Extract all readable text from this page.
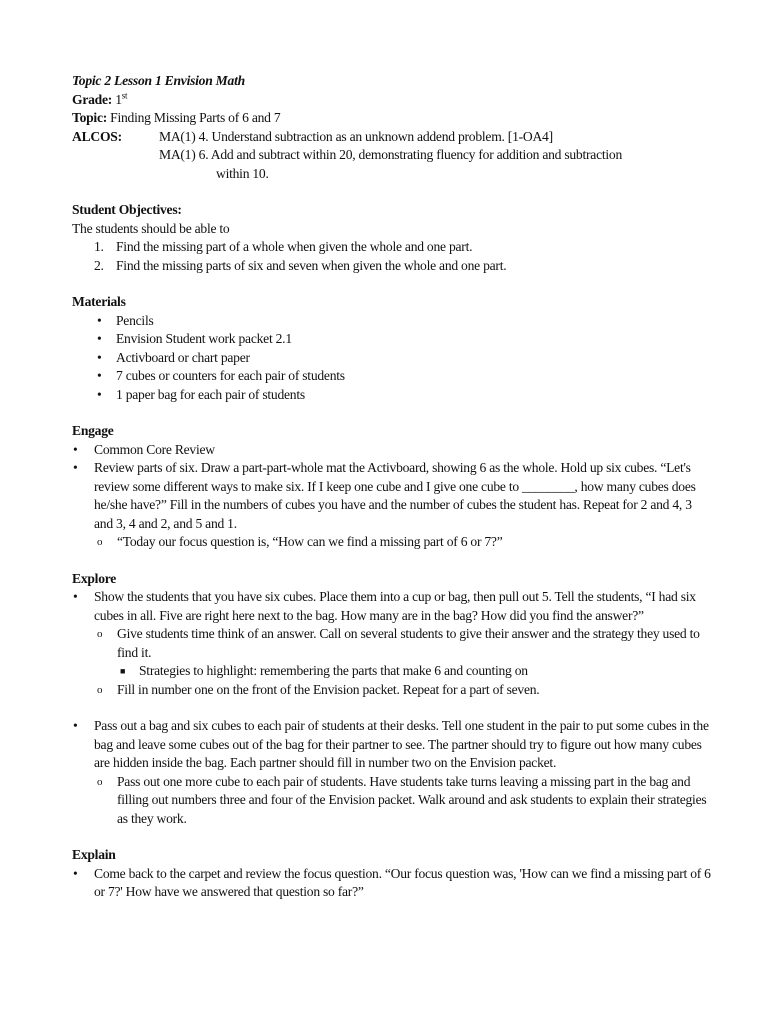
Topic 2 Lesson 1 Envision Math
Grade: 1st
Topic: Finding Missing Parts of 6 and 7
ALCOS:	MA(1) 4. Understand subtraction as an unknown addend problem. [1-OA4]
MA(1) 6. Add and subtract within 20, demonstrating fluency for addition and subtraction
within 10.
Student Objectives:
The students should be able to
1. Find the missing part of a whole when given the whole and one part.
2. Find the missing parts of six and seven when given the whole and one part.
Materials
• Pencils
• Envision Student work packet 2.1
• Activboard or chart paper
• 7 cubes or counters for each pair of students
• 1 paper bag for each pair of students
Engage
• Common Core Review
• Review parts of six. Draw a part-part-whole mat the Activboard, showing 6 as the whole. Hold up six cubes. “Let's review some different ways to make six. If I keep one cube and I give one cube to ________, how many cubes does he/she have?” Fill in the numbers of cubes you have and the number of cubes the student has. Repeat for 2 and 4, 3 and 3, 4 and 2, and 5 and 1.
o “Today our focus question is, “How can we find a missing part of 6 or 7?”
Explore
• Show the students that you have six cubes. Place them into a cup or bag, then pull out 5. Tell the students, “I had six cubes in all. Five are right here next to the bag. How many are in the bag? How did you find the answer?”
o Give students time think of an answer. Call on several students to give their answer and the strategy they used to find it.
■ Strategies to highlight: remembering the parts that make 6 and counting on
o Fill in number one on the front of the Envision packet. Repeat for a part of seven.
• Pass out a bag and six cubes to each pair of students at their desks. Tell one student in the pair to put some cubes in the bag and leave some cubes out of the bag for their partner to see. The partner should try to figure out how many cubes are hidden inside the bag. Each partner should fill in number two on the Envision packet.
o Pass out one more cube to each pair of students. Have students take turns leaving a missing part in the bag and filling out numbers three and four of the Envision packet. Walk around and ask students to explain their strategies as they work.
Explain
• Come back to the carpet and review the focus question. “Our focus question was, 'How can we find a missing part of 6 or 7?' How have we answered that question so far?”
